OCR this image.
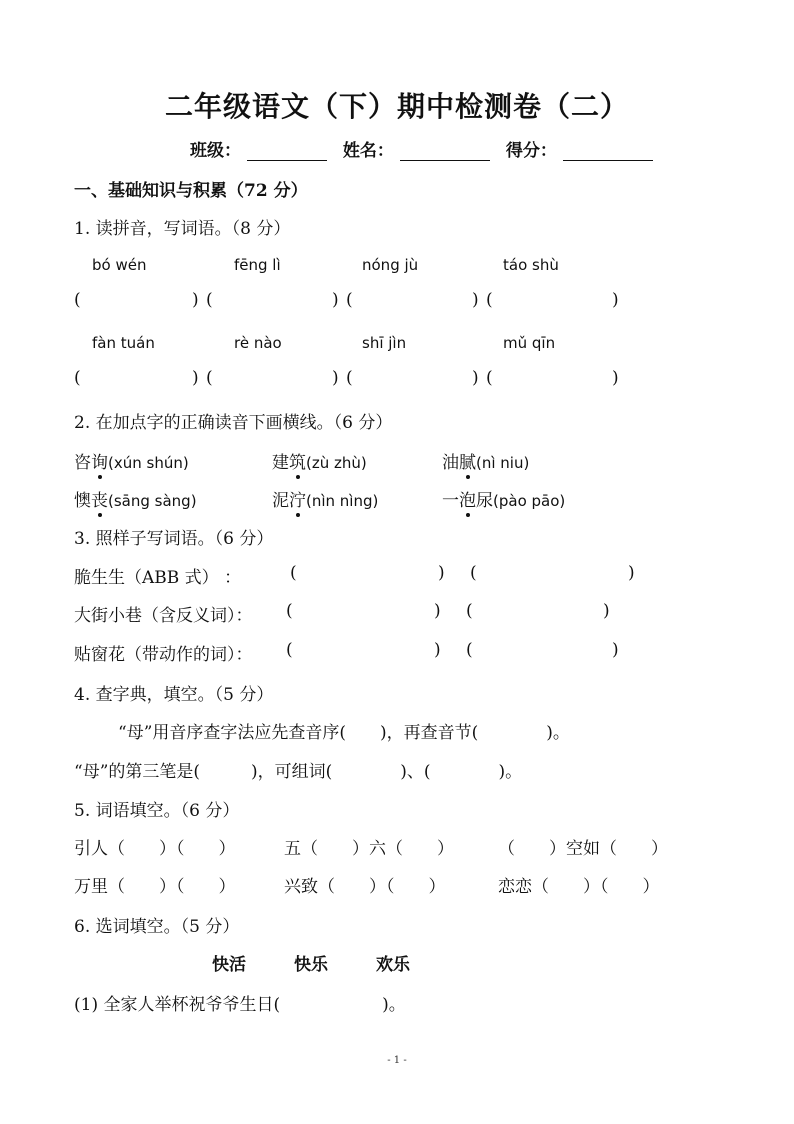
二年级语文（下）期中检测卷（二）
班级：	姓名：	得分：
一、基础知识与积累（72 分）
1. 读拼音，写词语。（8 分）
bó wén	fēng lì	nóng jù	táo shù
(	) (	) (	) (	)
fàn tuán	rè nào	shī jìn	mǔ qīn
(	) (	) (	) (	)
2. 在加点字的正确读音下画横线。（6 分）
咨询(xún shún)	建筑(zù zhù)	油腻(nì niu)
懊丧(sāng sàng)	泥泞(nìn nìng)	一泡尿(pào pāo)
3. 照样子写词语。（6 分）
脆生生（ABB 式） ：	(	) (	)
大街小巷（含反义词）： (	) (	)
贴窗花（带动作的词）： (	) (	)
4. 查字典，填空。（5 分）
“母”用音序查字法应先查音序(　　)，再查音节(　　　　)。
“母”的第三笔是(　　　)，可组词(　　　　)、(　　　　)。
5. 词语填空。（6 分）
引人（　　）（　　）	五（　　）六（　　）	（　　）空如（　　）
万里（　　）（　　）	兴致（　　）（　　）	恋恋（　　）（　　）
6. 选词填空。（5 分）
快活	快乐	欢乐
(1) 全家人举杯祝爷爷生日(　　　　　　)。
- 1 -
